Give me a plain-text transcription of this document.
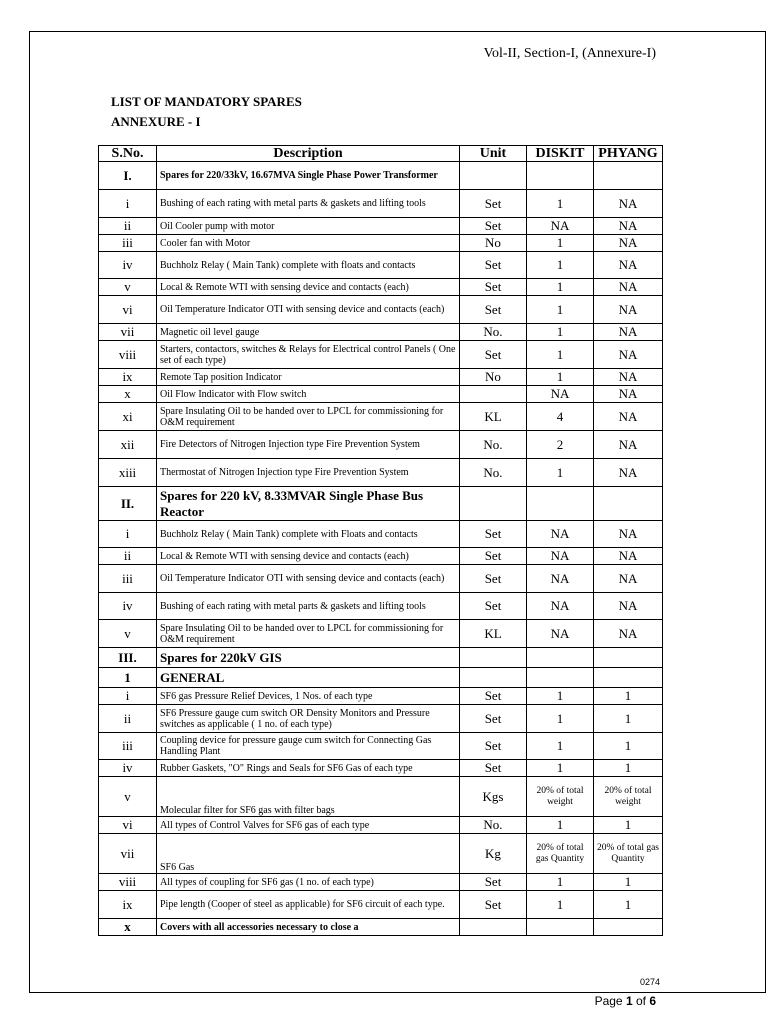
Vol-II, Section-I, (Annexure-I)
LIST OF MANDATORY SPARES
ANNEXURE - I
S.No.	Description	Unit	DISKIT	PHYANG
I.	Spares for 220/33kV, 16.67MVA Single Phase Power Transformer			
i	Bushing of each rating with metal parts & gaskets and lifting tools	Set	1	NA
ii	Oil Cooler pump with motor	Set	NA	NA
iii	Cooler fan with Motor	No	1	NA
iv	Buchholz Relay ( Main Tank) complete with floats and contacts	Set	1	NA
v	Local & Remote WTI with sensing device and contacts (each)	Set	1	NA
vi	Oil Temperature Indicator OTI with sensing device and contacts (each)	Set	1	NA
vii	Magnetic oil level gauge	No.	1	NA
viii	Starters, contactors, switches & Relays for Electrical control Panels ( One set of each type)	Set	1	NA
ix	Remote Tap position Indicator	No	1	NA
x	Oil Flow Indicator with Flow switch		NA	NA
xi	Spare Insulating Oil to be handed over to LPCL for commissioning for O&M requirement	KL	4	NA
xii	Fire Detectors of Nitrogen Injection type Fire Prevention System	No.	2	NA
xiii	Thermostat of Nitrogen Injection type Fire Prevention System	No.	1	NA
II.	Spares for 220 kV, 8.33MVAR Single Phase Bus Reactor			
i	Buchholz Relay ( Main Tank) complete with Floats and contacts	Set	NA	NA
ii	Local & Remote WTI with sensing device and contacts (each)	Set	NA	NA
iii	Oil Temperature Indicator OTI with sensing device and contacts (each)	Set	NA	NA
iv	Bushing of each rating with metal parts & gaskets and lifting tools	Set	NA	NA
v	Spare Insulating Oil to be handed over to LPCL for commissioning for O&M requirement	KL	NA	NA
III.	Spares for 220kV GIS			
1	GENERAL			
i	SF6 gas Pressure Relief Devices, 1 Nos. of each type	Set	1	1
ii	SF6 Pressure gauge cum switch OR Density Monitors and Pressure switches as applicable ( 1 no. of each type)	Set	1	1
iii	Coupling device for pressure gauge cum switch for Connecting Gas Handling Plant	Set	1	1
iv	Rubber Gaskets, "O" Rings and Seals for SF6 Gas of each type	Set	1	1
v	Molecular filter for SF6 gas with filter bags	Kgs	20% of total weight	20% of total weight
vi	All types of Control Valves for SF6 gas of each type	No.	1	1
vii	SF6 Gas	Kg	20% of total gas Quantity	20% of total gas Quantity
viii	All types of coupling for SF6 gas (1 no. of each type)	Set	1	1
ix	Pipe length (Cooper of steel as applicable) for SF6 circuit of each type.	Set	1	1
x	Covers with all accessories necessary to close a			
0274
Page 1 of 6
